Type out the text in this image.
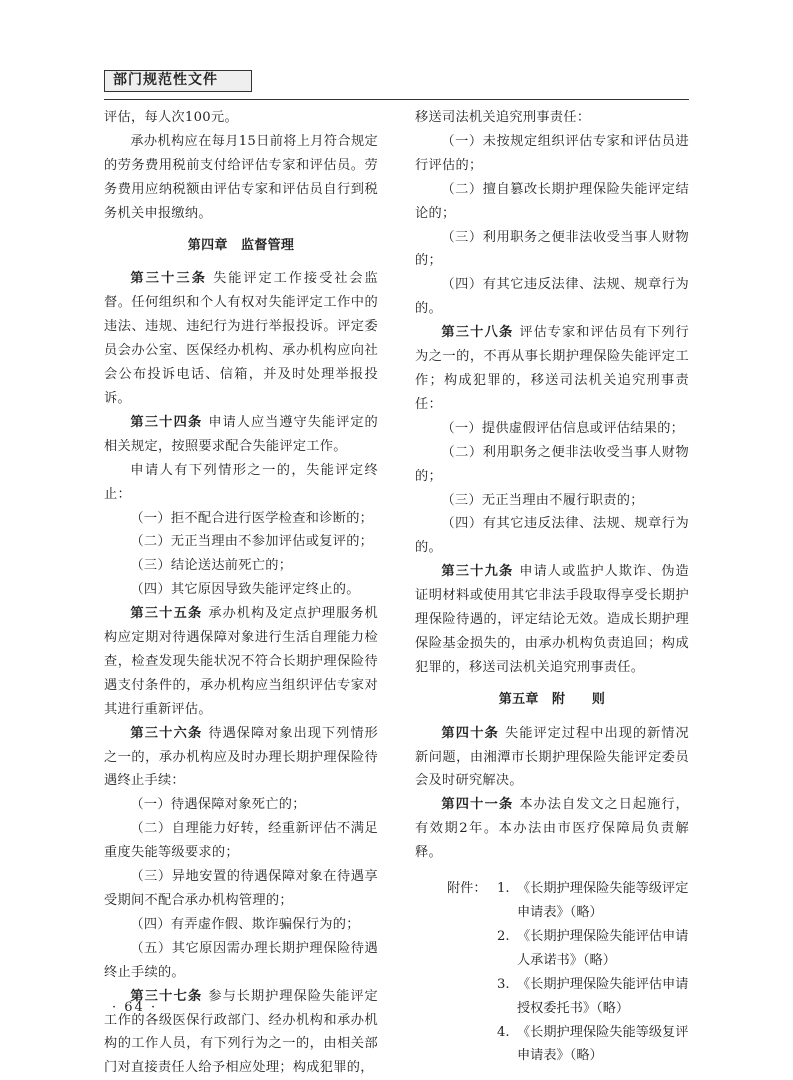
部门规范性文件

评估，每人次100元。

承办机构应在每月15日前将上月符合规定的劳务费用税前支付给评估专家和评估员。劳务费用应纳税额由评估专家和评估员自行到税务机关申报缴纳。

第四章　监督管理

第三十三条 失能评定工作接受社会监督。任何组织和个人有权对失能评定工作中的违法、违规、违纪行为进行举报投诉。评定委员会办公室、医保经办机构、承办机构应向社会公布投诉电话、信箱，并及时处理举报投诉。

第三十四条 申请人应当遵守失能评定的相关规定，按照要求配合失能评定工作。

申请人有下列情形之一的，失能评定终止：

（一）拒不配合进行医学检查和诊断的；

（二）无正当理由不参加评估或复评的；

（三）结论送达前死亡的；

（四）其它原因导致失能评定终止的。

第三十五条 承办机构及定点护理服务机构应定期对待遇保障对象进行生活自理能力检查，检查发现失能状况不符合长期护理保险待遇支付条件的，承办机构应当组织评估专家对其进行重新评估。

第三十六条 待遇保障对象出现下列情形之一的，承办机构应及时办理长期护理保险待遇终止手续：

（一）待遇保障对象死亡的；

（二）自理能力好转，经重新评估不满足重度失能等级要求的；

（三）异地安置的待遇保障对象在待遇享受期间不配合承办机构管理的；

（四）有弄虚作假、欺诈骗保行为的；

（五）其它原因需办理长期护理保险待遇终止手续的。

第三十七条 参与长期护理保险失能评定工作的各级医保行政部门、经办机构和承办机构的工作人员，有下列行为之一的，由相关部门对直接责任人给予相应处理；构成犯罪的，

移送司法机关追究刑事责任：

（一）未按规定组织评估专家和评估员进行评估的；

（二）擅自篡改长期护理保险失能评定结论的；

（三）利用职务之便非法收受当事人财物的；

（四）有其它违反法律、法规、规章行为的。

第三十八条 评估专家和评估员有下列行为之一的，不再从事长期护理保险失能评定工作；构成犯罪的，移送司法机关追究刑事责任：

（一）提供虚假评估信息或评估结果的；

（二）利用职务之便非法收受当事人财物的；

（三）无正当理由不履行职责的；

（四）有其它违反法律、法规、规章行为的。

第三十九条 申请人或监护人欺诈、伪造证明材料或使用其它非法手段取得享受长期护理保险待遇的，评定结论无效。造成长期护理保险基金损失的，由承办机构负责追回；构成犯罪的，移送司法机关追究刑事责任。

第五章　附　　则

第四十条 失能评定过程中出现的新情况新问题，由湘潭市长期护理保险失能评定委员会及时研究解决。

第四十一条 本办法自发文之日起施行，有效期2年。本办法由市医疗保障局负责解释。

附件： 1. 《长期护理保险失能等级评定申请表》（略）
2. 《长期护理保险失能评估申请人承诺书》（略）
3. 《长期护理保险失能评估申请授权委托书》（略）
4. 《长期护理保险失能等级复评申请表》（略）
· 64 ·
